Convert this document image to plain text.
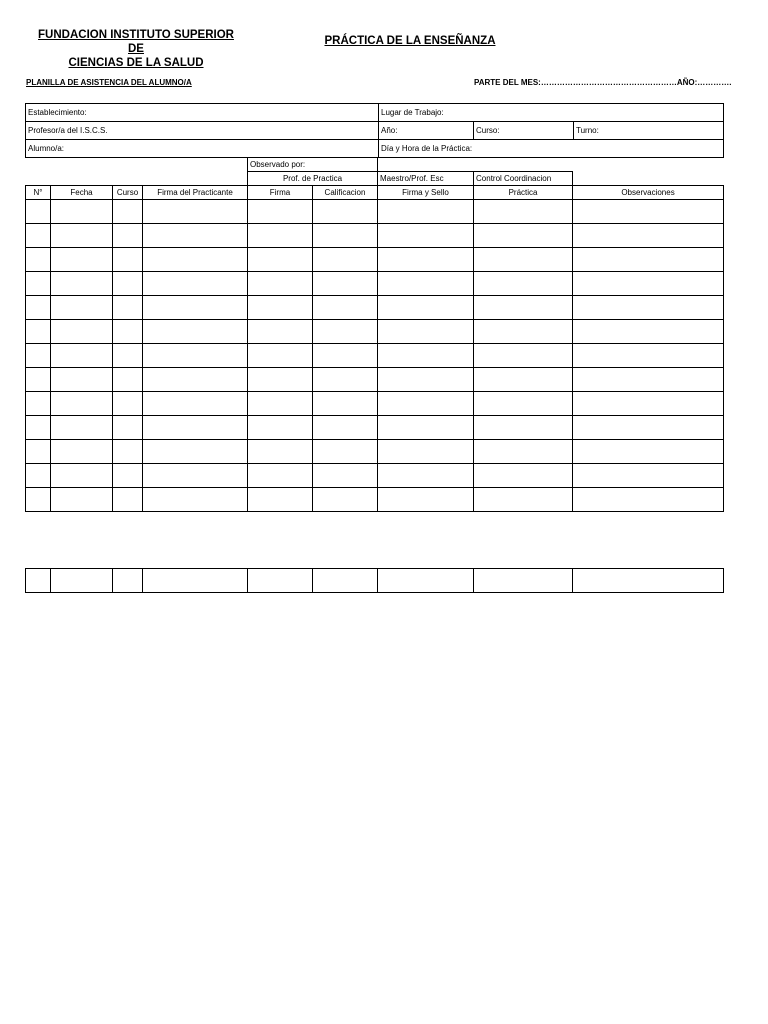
FUNDACION INSTITUTO SUPERIOR DE
CIENCIAS DE LA SALUD
PRÁCTICA DE LA ENSEÑANZA
PLANILLA DE ASISTENCIA DEL ALUMNO/A	PARTE DEL MES:……………………………………………AÑO:………….
Establecimiento:	Lugar de Trabajo:		
Profesor/a del I.S.C.S.	Año:	Curso:	Turno:
Alumno/a:	Día y Hora de la Práctica:		
				Observado por:				
				Prof. de Practica		Maestro/Prof. Esc	Control Coordinacion	
N°	Fecha	Curso	Firma del Practicante	Firma	Calificacion	Firma y Sello	Práctica	Observaciones
